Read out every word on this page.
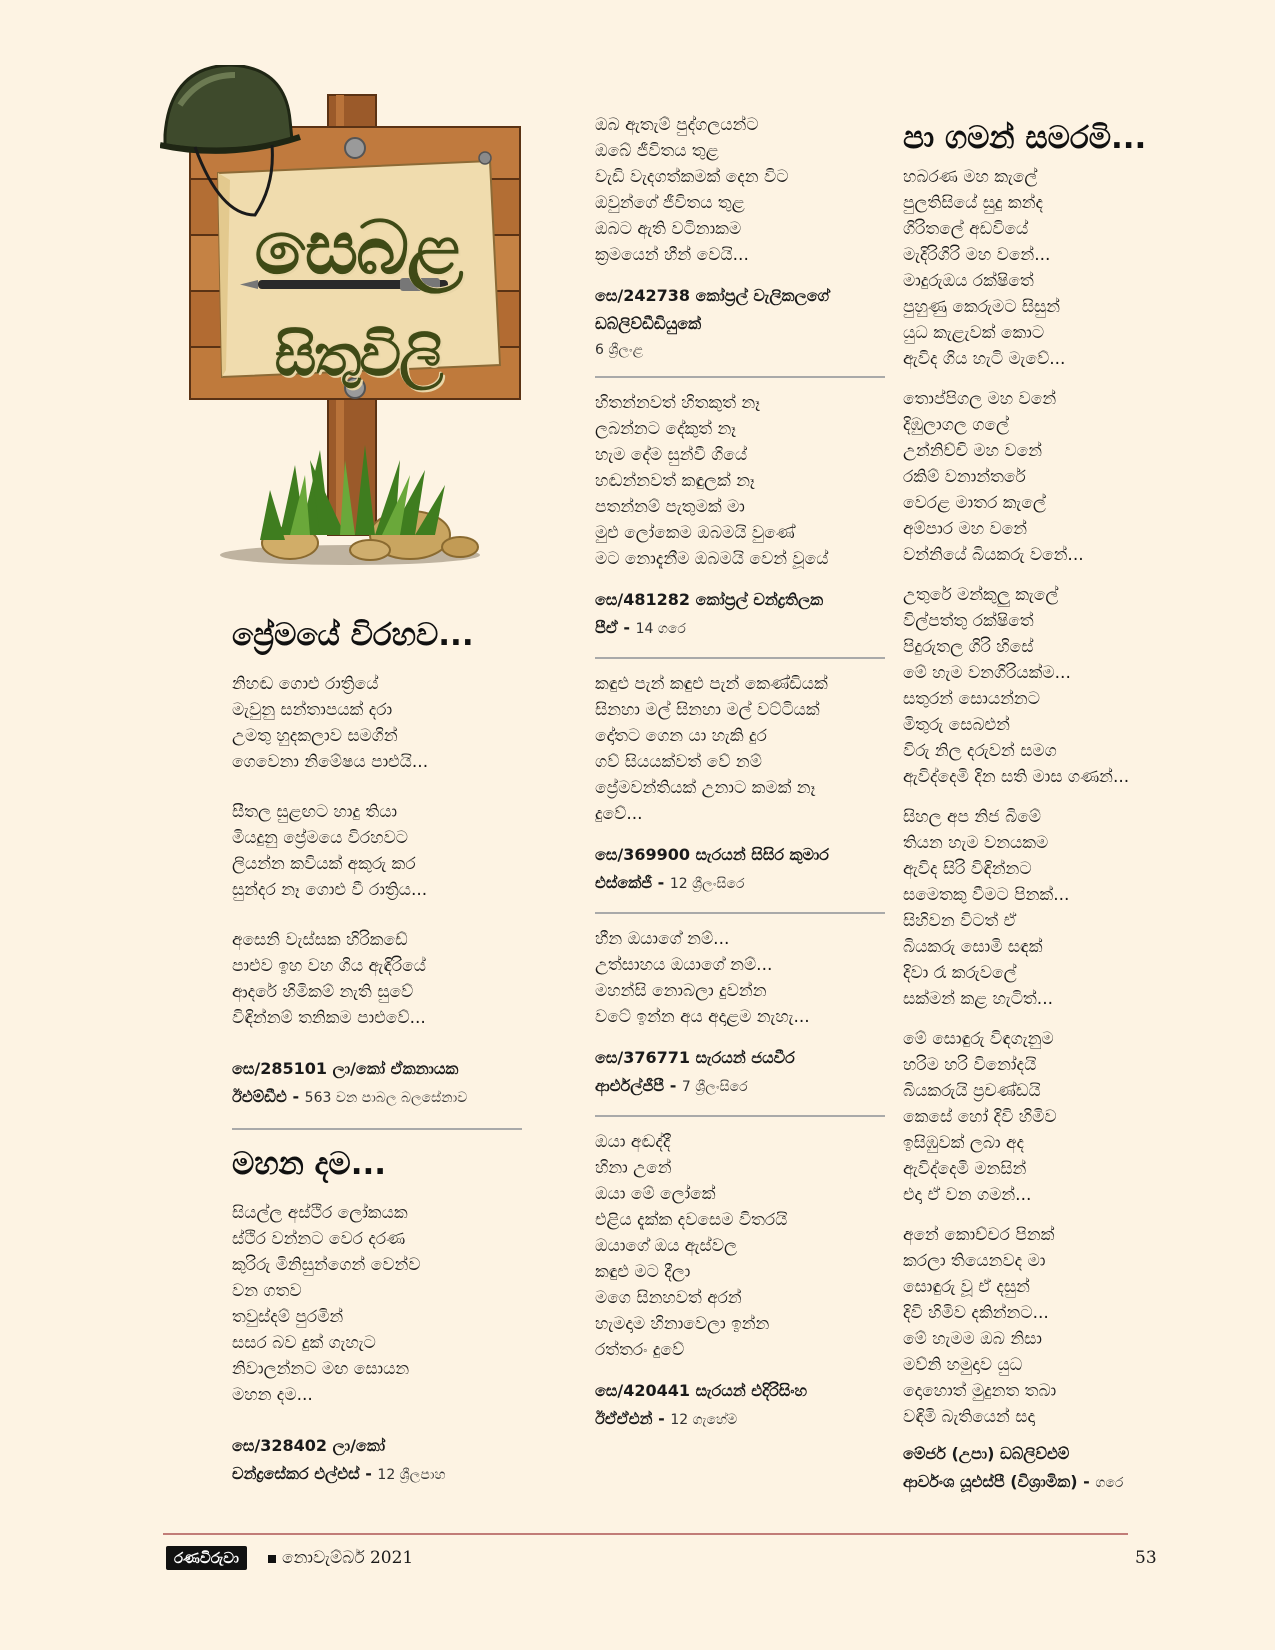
සෙබළ
සිතුවිලි
ප්‍රේමයේ විරහව...
නිහඬ ගොළු රාත්‍රියේ
මැවුනු සන්තාපයක් දරා
උමතු හුදකලාව සමගින්
ගෙවෙනා නිමේෂය පාළුයි...
සීතල සුළඟට හාදු තියා
මියදුනු ප්‍රේමයෙ විරහවට
ලියන්න කවියක් අකුරු කර
සුන්දර නෑ ගොළු වී රාත්‍රිය...
අසෙනි වැස්සක හිරිකඩේ
පාළුව ඉහ වහ ගිය ඇඳිරියේ
ආදරේ හිමිකම් නැති සුවේ
විඳින්නම් තනිකම පාළුවේ...
සෙ/285101 ලා/කෝ ඒකනායක
ඊඑම්ඩීඑ - 563 වන පාබල බලසේනාව
මහන දම...
සියල්ල අස්ථිර ලෝකයක
ස්ථිර වන්නට වෙර දරණ
කුරිරු මිනිසුන්ගෙන් වෙන්ව
වන ගතව
තවුස්දම් පුරමින්
සසර බව දුක් ගැහැට
නිවාලන්නට මඟ සොයන
මහන දම...
සෙ/328402 ලා/කෝ
චන්ද්‍රසේකර එල්එස් - 12 ශ්‍රීලපාහ
ඔබ ඇතැම් පුද්ගලයන්ට
ඔබේ ජීවිතය තුළ
වැඩි වැදගත්කමක් දෙන විට
ඔවුන්ගේ ජීවිතය තුළ
ඔබට ඇති වටිනාකම
ක්‍රමයෙන් හීන් වෙයි...
සෙ/242738 කෝප්‍රල් වැලිකලගේ
ඩබ්ලිව්ඩීඩියුකේ
6 ශ්‍රීලංළ
හිතන්නවත් හිතකුත් නෑ
ලබන්නට දේකුත් නෑ
හැම දේම සුන්වී ගියේ
හඬන්නවත් කඳුලක් නෑ
පතන්නම් පැතුමක් මා
මුළු ලෝකෙම ඔබමයි වුණේ
මට නොදැනීම ඔබමයි වෙන් වූයේ
සෙ/481282 කෝප්‍රල් චන්ද්‍රතිලක
පීඒ - 14 ගරෙ
කඳුළු පැන් කඳුළු පැන් කෙණ්ඩියක්
සිනහා මල් සිනහා මල් වට්ටියක්
දෝතට ගෙන යා හැකි දුර
ගව් සියයක්වත් වේ නම්
ප්‍රේමවන්තියක් උනාට කමක් නෑ
දුවේ...
සෙ/369900 සැරයන් සිසිර කුමාර
එස්කේජී - 12 ශ්‍රීලංසිරෙ
හීන ඔයාගේ නම්...
උත්සාහය ඔයාගේ නම්...
මහන්සි නොබලා දුවන්න
වටේ ඉන්න අය අදාළම නැහැ...
සෙ/376771 සැරයන් ජයවීර
ආර්එල්ජීපී - 7 ශ්‍රීලංසිරෙ
ඔයා අඬද්දී
හිනා උනේ
ඔයා මේ ලෝකේ
එළිය දැක්ක දවසෙම විතරයි
ඔයාගේ ඔය ඇස්වල
කඳුළු මට දීලා
මගෙ සිනහවත් අරන්
හැමදාම හිනාවෙලා ඉන්න
රත්තරං දුවේ
සෙ/420441 සැරයන් එදිරිසිංහ
ඊඒඒඑන් - 12 ගැහේම
පා ගමන් සමරමි...
හබරණ මහ කැලේ
පුලතිසියේ සුදු කන්ද
ගිරිතලේ අඩවියේ
මැදිරිගිරි මහ වනේ...
මාදුරුඔය රක්ෂිතේ
පුහුණු කෙරුමට සිසුන්
යුධ කැළැවක් කොට
ඇවිද ගිය හැටි මැවේ...
තොප්පිගල මහ වනේ
දිඹුලාගල ගලේ
උන්නිච්චි මහ වනේ
රකිම් වනාන්තරේ
වෙරළ මාතර කැලේ
අම්පාර මහ වනේ
වන්නියේ බියකරු වනේ...
උතුරේ මන්කුලු කැලේ
විල්පත්තු රක්ෂිතේ
පිදුරුතල ගිරි හිසේ
මේ හැම වනගිරියක්ම...
සතුරන් සොයන්නට
මිතුරු සෙබළුන්
විරු නිල දරුවන් සමග
ඇවිද්දෙමි දින සති මාස ගණන්...
සිහල අප නිජ බිමේ
තියන හැම වනයකම
ඇවිද සිරි විඳින්නට
සමෙතකු වීමට පිනක්...
සිහිවන විටත් ඒ
බියකරු සොමි සඳක්
දිවා රෑ කරුවලේ
සක්මන් කළ හැටිත්...
මේ සොඳුරු විඳගැනුම
හරිම හරි විනෝදයි
බියකරුයි ප්‍රචණ්ඩයි
කෙසේ හෝ දිවි හිමිව
ඉසිඹුවක් ලබා අද
ඇවිද්දෙමි මනසින්
එදා ඒ වන ගමන්...
අනේ කොච්චර පිනක්
කරලා තියෙනවද මා
සොඳුරු වූ ඒ දසුන්
දිවි හිමිව දකින්නට...
මේ හැමම ඔබ නිසා
මව්නි හමුදාව යුධ
දොහොත් මුදුනත තබා
වඳිමි බැතියෙන් සදා
මේජර් (උපා) ඩබ්ලිව්එම්
ආර්වංශ යූඑස්පී (විශ්‍රාමික) - ගරෙ
රණවිරුවා	නොවැම්බර් 2021	53
